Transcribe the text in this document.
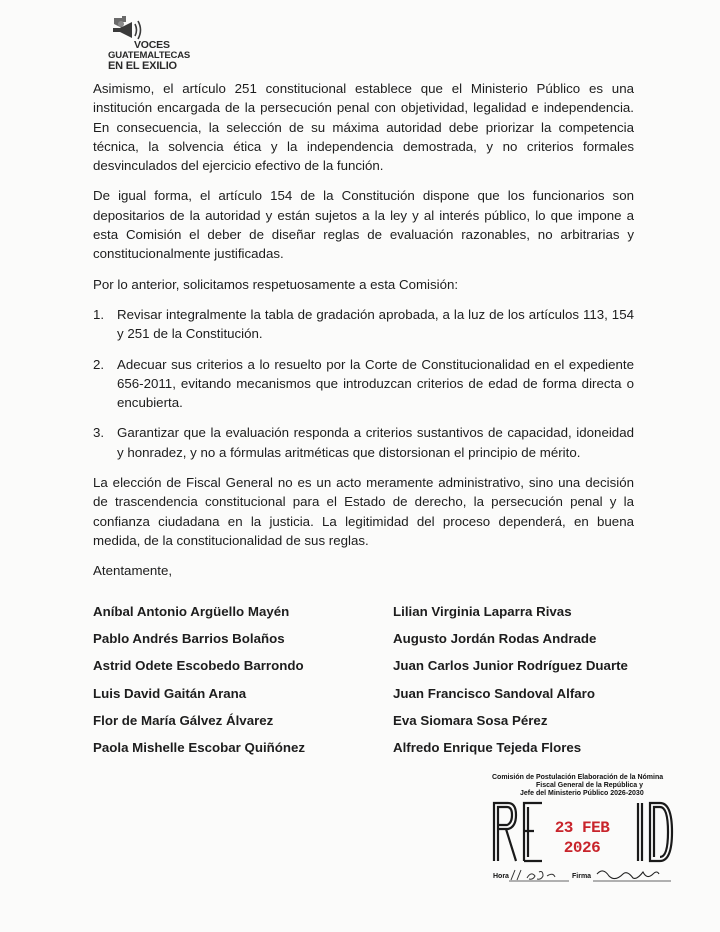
VOCES
GUATEMALTECAS
EN EL EXILIO

Asimismo, el artículo 251 constitucional establece que el Ministerio Público es una institución encargada de la persecución penal con objetividad, legalidad e independencia. En consecuencia, la selección de su máxima autoridad debe priorizar la competencia técnica, la solvencia ética y la independencia demostrada, y no criterios formales desvinculados del ejercicio efectivo de la función.

De igual forma, el artículo 154 de la Constitución dispone que los funcionarios son depositarios de la autoridad y están sujetos a la ley y al interés público, lo que impone a esta Comisión el deber de diseñar reglas de evaluación razonables, no arbitrarias y constitucionalmente justificadas.

Por lo anterior, solicitamos respetuosamente a esta Comisión:

1. Revisar integralmente la tabla de gradación aprobada, a la luz de los artículos 113, 154 y 251 de la Constitución.
2. Adecuar sus criterios a lo resuelto por la Corte de Constitucionalidad en el expediente 656-2011, evitando mecanismos que introduzcan criterios de edad de forma directa o encubierta.
3. Garantizar que la evaluación responda a criterios sustantivos de capacidad, idoneidad y honradez, y no a fórmulas aritméticas que distorsionan el principio de mérito.

La elección de Fiscal General no es un acto meramente administrativo, sino una decisión de trascendencia constitucional para el Estado de derecho, la persecución penal y la confianza ciudadana en la justicia. La legitimidad del proceso dependerá, en buena medida, de la constitucionalidad de sus reglas.

Atentamente,

Aníbal Antonio Argüello Mayén
Pablo Andrés Barrios Bolaños
Astrid Odete Escobedo Barrondo
Luis David Gaitán Arana
Flor de María Gálvez Álvarez
Paola Mishelle Escobar Quiñónez
Lilian Virginia Laparra Rivas
Augusto Jordán Rodas Andrade
Juan Carlos Junior Rodríguez Duarte
Juan Francisco Sandoval Alfaro
Eva Siomara Sosa Pérez
Alfredo Enrique Tejeda Flores
Comisión de Postulación Elaboración de la Nómina
Fiscal General de la República y
Jefe del Ministerio Público 2026-2030
23 FEB 2026
Hora	Firma
